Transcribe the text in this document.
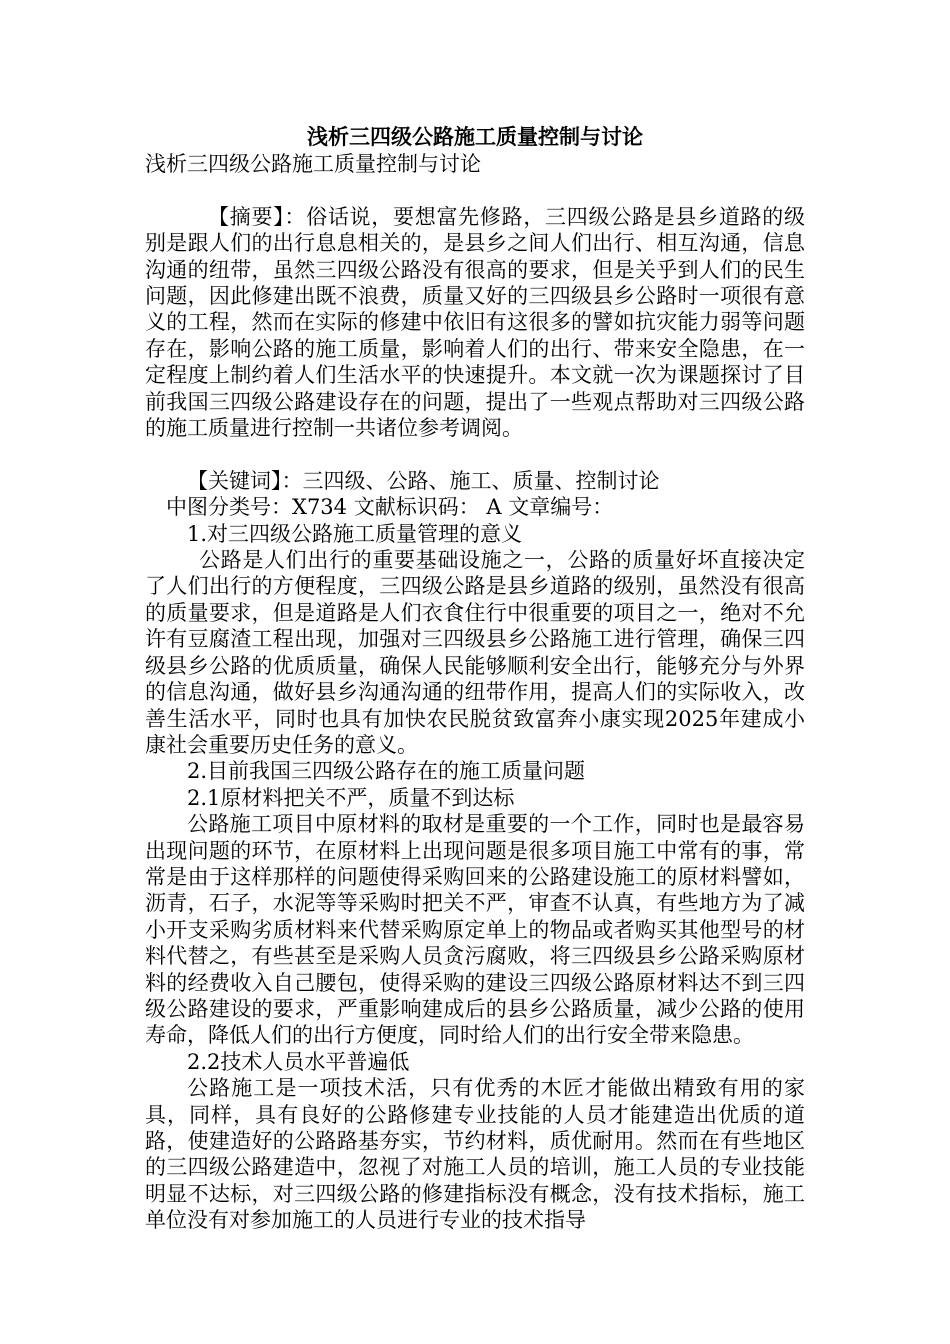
浅析三四级公路施工质量控制与讨论

浅析三四级公路施工质量控制与讨论

【摘要】：俗话说，要想富先修路，三四级公路是县乡道路的级别是跟人们的出行息息相关的，是县乡之间人们出行、相互沟通，信息沟通的纽带，虽然三四级公路没有很高的要求，但是关乎到人们的民生问题，因此修建出既不浪费，质量又好的三四级县乡公路时一项很有意义的工程，然而在实际的修建中依旧有这很多的譬如抗灾能力弱等问题存在，影响公路的施工质量，影响着人们的出行、带来安全隐患，在一定程度上制约着人们生活水平的快速提升。本文就一次为课题探讨了目前我国三四级公路建设存在的问题，提出了一些观点帮助对三四级公路的施工质量进行控制一共诸位参考调阅。

【关键词】：三四级、公路、施工、质量、控制讨论

中图分类号：X734 文献标识码： A 文章编号：

1.对三四级公路施工质量管理的意义

公路是人们出行的重要基础设施之一，公路的质量好坏直接决定了人们出行的方便程度，三四级公路是县乡道路的级别，虽然没有很高的质量要求，但是道路是人们衣食住行中很重要的项目之一，绝对不允许有豆腐渣工程出现，加强对三四级县乡公路施工进行管理，确保三四级县乡公路的优质质量，确保人民能够顺利安全出行，能够充分与外界的信息沟通，做好县乡沟通沟通的纽带作用，提高人们的实际收入，改善生活水平，同时也具有加快农民脱贫致富奔小康实现2025年建成小康社会重要历史任务的意义。

2.目前我国三四级公路存在的施工质量问题

2.1原材料把关不严，质量不到达标

公路施工项目中原材料的取材是重要的一个工作，同时也是最容易出现问题的环节，在原材料上出现问题是很多项目施工中常有的事，常常是由于这样那样的问题使得采购回来的公路建设施工的原材料譬如，沥青，石子，水泥等等采购时把关不严，审查不认真，有些地方为了减小开支采购劣质材料来代替采购原定单上的物品或者购买其他型号的材料代替之，有些甚至是采购人员贪污腐败，将三四级县乡公路采购原材料的经费收入自己腰包，使得采购的建设三四级公路原材料达不到三四级公路建设的要求，严重影响建成后的县乡公路质量，减少公路的使用寿命，降低人们的出行方便度，同时给人们的出行安全带来隐患。

2.2技术人员水平普遍低

公路施工是一项技术活，只有优秀的木匠才能做出精致有用的家具，同样，具有良好的公路修建专业技能的人员才能建造出优质的道路，使建造好的公路路基夯实，节约材料，质优耐用。然而在有些地区的三四级公路建造中，忽视了对施工人员的培训，施工人员的专业技能明显不达标，对三四级公路的修建指标没有概念，没有技术指标，施工单位没有对参加施工的人员进行专业的技术指导
